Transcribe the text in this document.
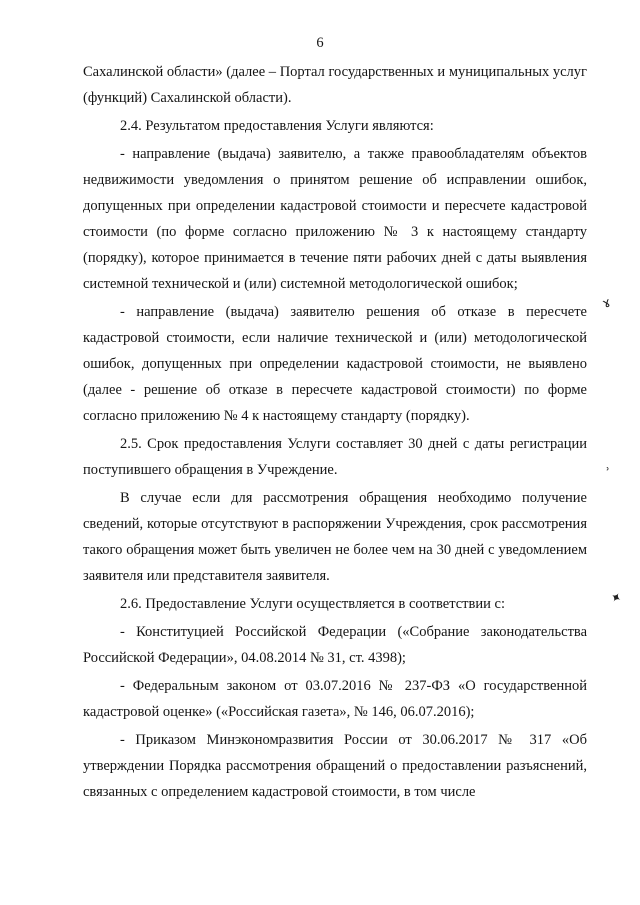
6

Сахалинской области» (далее – Портал государственных и муниципальных услуг (функций) Сахалинской области).

2.4. Результатом предоставления Услуги являются:

- направление (выдача) заявителю, а также правообладателям объектов недвижимости уведомления о принятом решение об исправлении ошибок, допущенных при определении кадастровой стоимости и пересчете кадастровой стоимости (по форме согласно приложению № 3 к настоящему стандарту (порядку), которое принимается в течение пяти рабочих дней с даты выявления системной технической и (или) системной методологической ошибок;

- направление (выдача) заявителю решения об отказе в пересчете кадастровой стоимости, если наличие технической и (или) методологической ошибок, допущенных при определении кадастровой стоимости, не выявлено (далее - решение об отказе в пересчете кадастровой стоимости) по форме согласно приложению № 4 к настоящему стандарту (порядку).

2.5. Срок предоставления Услуги составляет 30 дней с даты регистрации поступившего обращения в Учреждение.

В случае если для рассмотрения обращения необходимо получение сведений, которые отсутствуют в распоряжении Учреждения, срок рассмотрения такого обращения может быть увеличен не более чем на 30 дней с уведомлением заявителя или представителя заявителя.

2.6. Предоставление Услуги осуществляется в соответствии с:

- Конституцией Российской Федерации («Собрание законодательства Российской Федерации», 04.08.2014 № 31, ст. 4398);

- Федеральным законом от 03.07.2016 № 237-ФЗ «О государственной кадастровой оценке» («Российская газета», № 146, 06.07.2016);

- Приказом Минэкономразвития России от 30.06.2017 № 317 «Об утверждении Порядка рассмотрения обращений о предоставлении разъяснений, связанных с определением кадастровой стоимости, в том числе

ɤ
ʾ
✦
